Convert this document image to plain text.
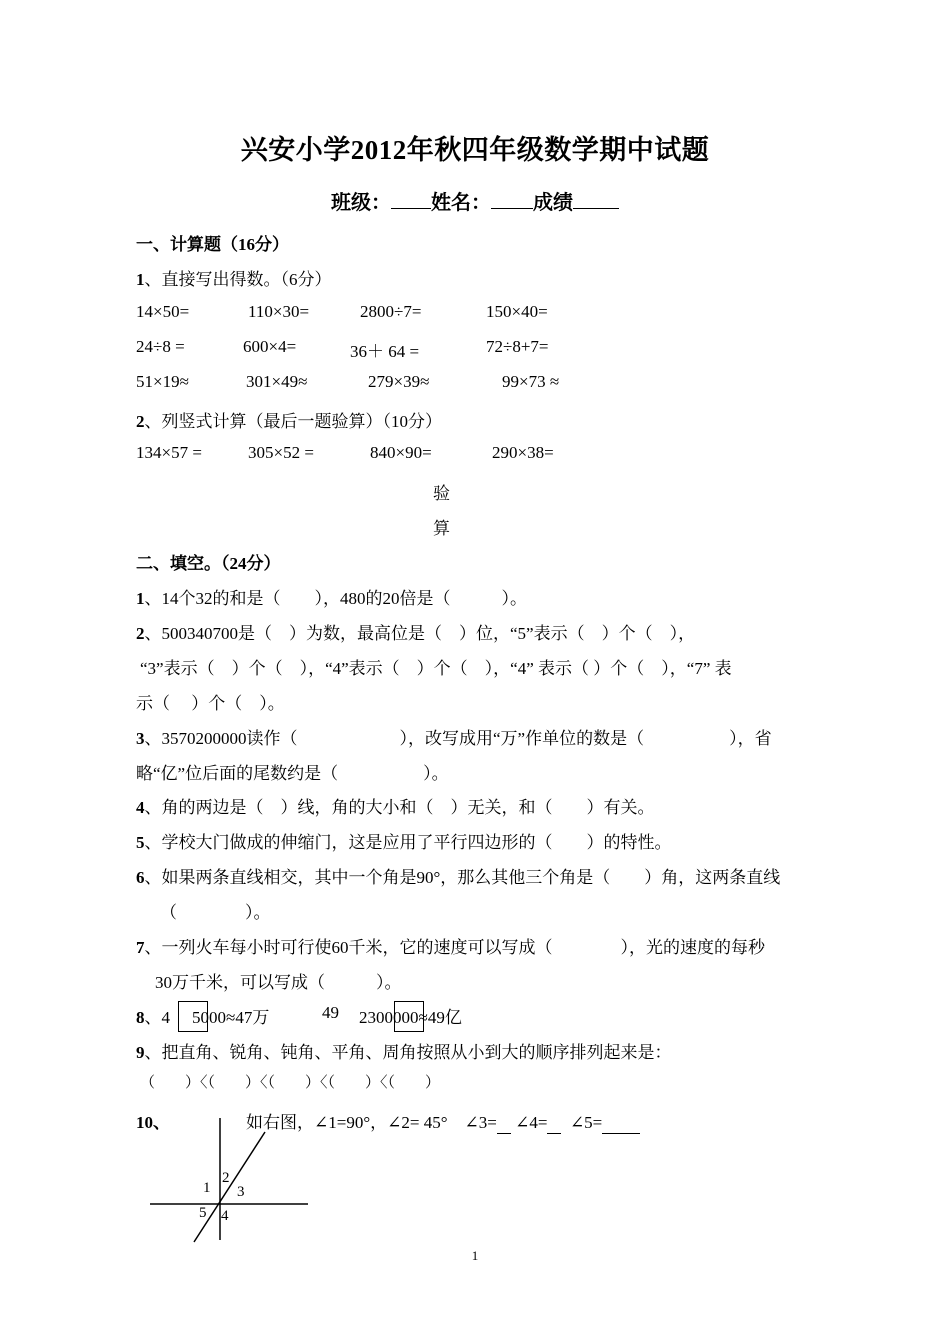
兴安小学2012年秋四年级数学期中试题
班级： 姓名： 成绩
一、计算题（16分）
1、直接写出得数。（6分）
14×50=	110×30=	2800÷7=	150×40=
24÷8 =	600×4=	36＋ 64 =	72÷8+7=
51×19≈	301×49≈	279×39≈	99×73 ≈
2、列竖式计算（最后一题验算）（10分）
134×57 =	305×52 =	840×90=	290×38=
验
算
二、填空。（24分）
1、14个32的和是（　　），480的20倍是（　　　）。
2、500340700是（　）为数，最高位是（　）位，“5”表示（　）个（　），
“3”表示（　）个（　），“4”表示（　）个（　），“4” 表示（ ）个（　），“7” 表
示（　 ）个（　）。
3、3570200000读作（　　　　　　），改写成用“万”作单位的数是（　　　　　），省
略“亿”位后面的尾数约是（　　　　　）。
4、角的两边是（　）线，角的大小和（　）无关，和（　　）有关。
5、学校大门做成的伸缩门，这是应用了平行四边形的（　　）的特性。
6、如果两条直线相交，其中一个角是90°，那么其他三个角是（　　）角，这两条直线
（　　　　）。
7、一列火车每小时可行使60千米，它的速度可以写成（　　　　），光的速度的每秒
30万千米，可以写成（　　　）。
8、4 5000≈47万	49 2300000≈49亿
9、把直角、锐角、钝角、平角、周角按照从小到大的顺序排列起来是：
（　　）〈（　　）〈（　　）〈（　　）〈（　　）
10、	如右图，∠1=90°，∠2= 45°　∠3= ∠4= ∠5=
1
2
3
5 4
1
